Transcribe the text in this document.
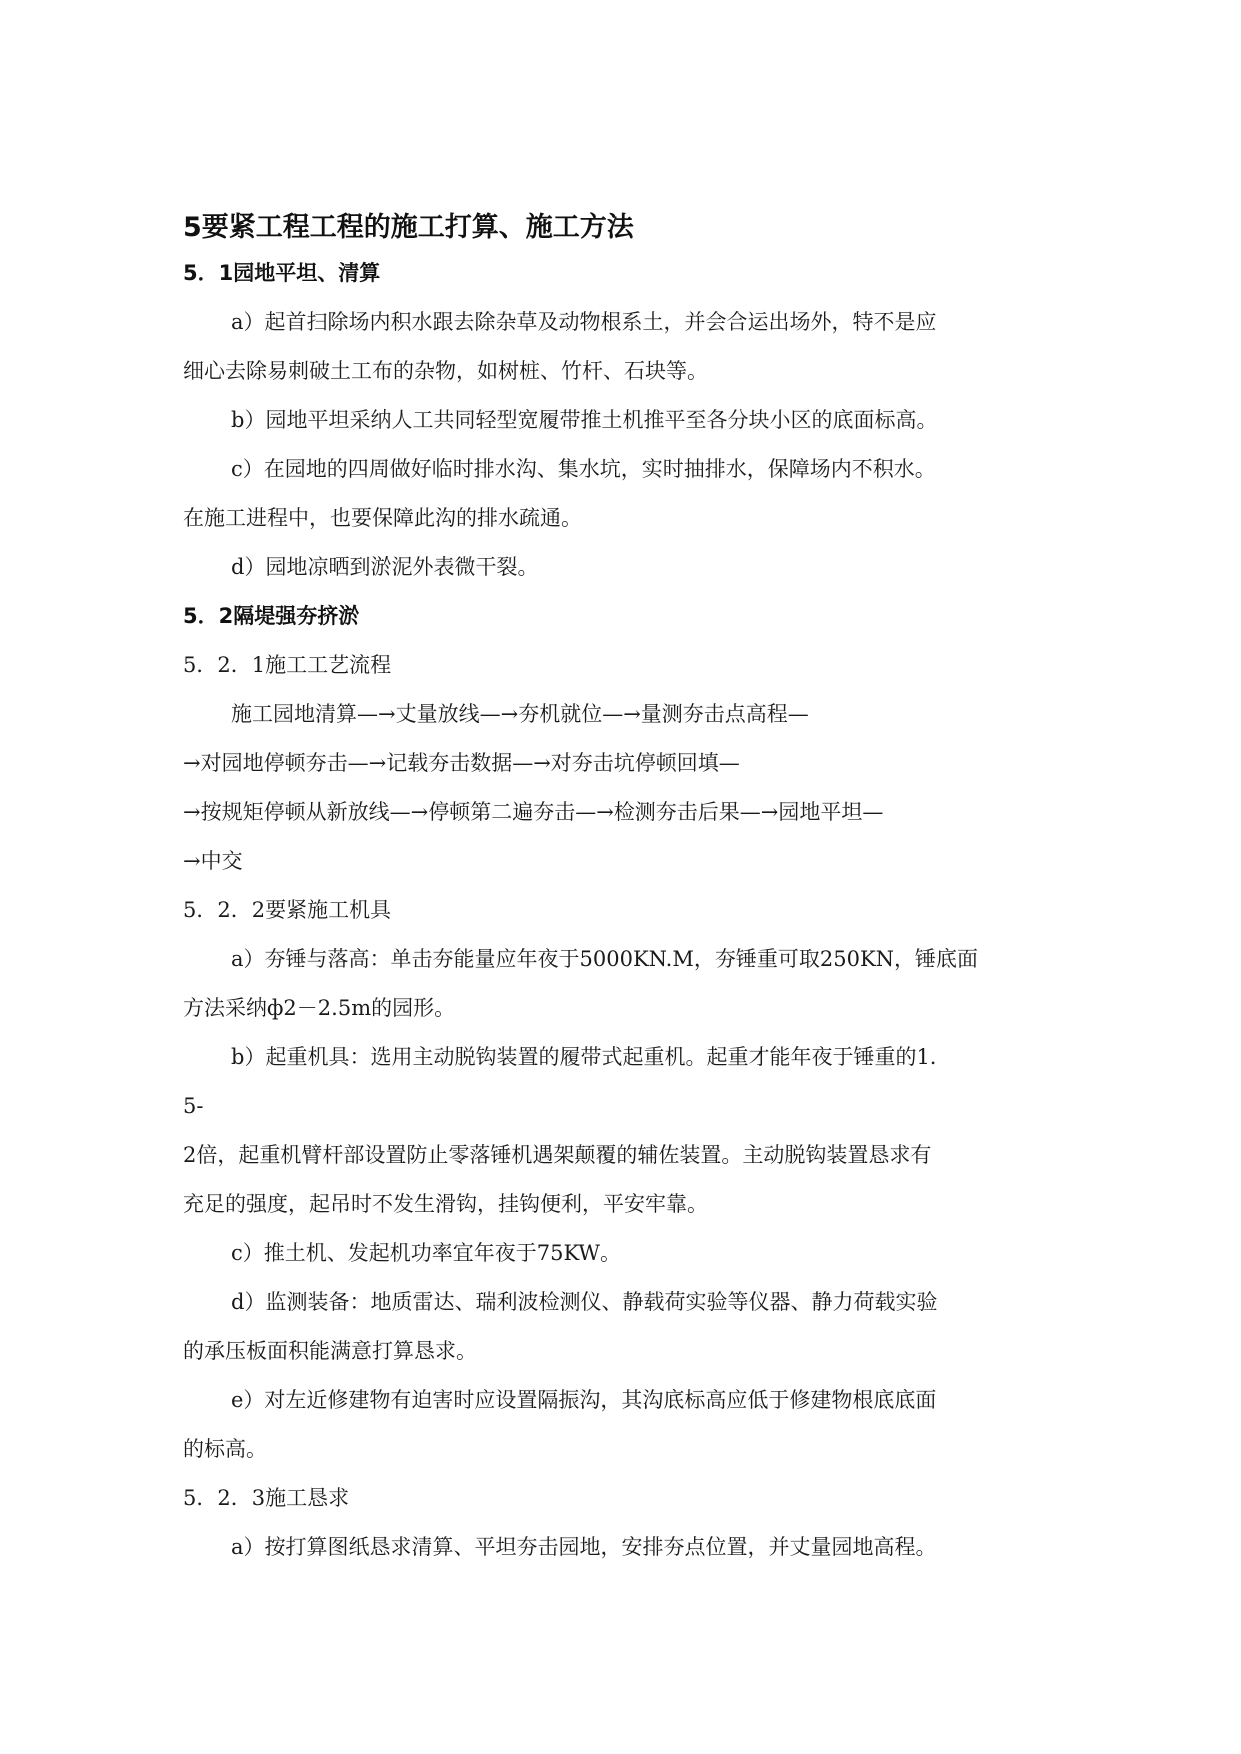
5要紧工程工程的施工打算、施工方法
5．1园地平坦、清算
a）起首扫除场内积水跟去除杂草及动物根系土，并会合运出场外，特不是应
细心去除易刺破土工布的杂物，如树桩、竹杆、石块等。
b）园地平坦采纳人工共同轻型宽履带推土机推平至各分块小区的底面标高。
c）在园地的四周做好临时排水沟、集水坑，实时抽排水，保障场内不积水。
在施工进程中，也要保障此沟的排水疏通。
d）园地凉晒到淤泥外表微干裂。
5．2隔堤强夯挤淤
5．2．1施工工艺流程
施工园地清算—→丈量放线—→夯机就位—→量测夯击点高程—
→对园地停顿夯击—→记载夯击数据—→对夯击坑停顿回填—
→按规矩停顿从新放线—→停顿第二遍夯击—→检测夯击后果—→园地平坦—
→中交
5．2．2要紧施工机具
a）夯锤与落高：单击夯能量应年夜于5000KN.M，夯锤重可取250KN，锤底面
方法采纳ф2－2.5m的园形。
b）起重机具：选用主动脱钩装置的履带式起重机。起重才能年夜于锤重的1.
5-
2倍，起重机臂杆部设置防止零落锤机遇架颠覆的辅佐装置。主动脱钩装置恳求有
充足的强度，起吊时不发生滑钩，挂钩便利，平安牢靠。
c）推土机、发起机功率宜年夜于75KW。
d）监测装备：地质雷达、瑞利波检测仪、静载荷实验等仪器、静力荷载实验
的承压板面积能满意打算恳求。
e）对左近修建物有迫害时应设置隔振沟，其沟底标高应低于修建物根底底面
的标高。
5．2．3施工恳求
a）按打算图纸恳求清算、平坦夯击园地，安排夯点位置，并丈量园地高程。
